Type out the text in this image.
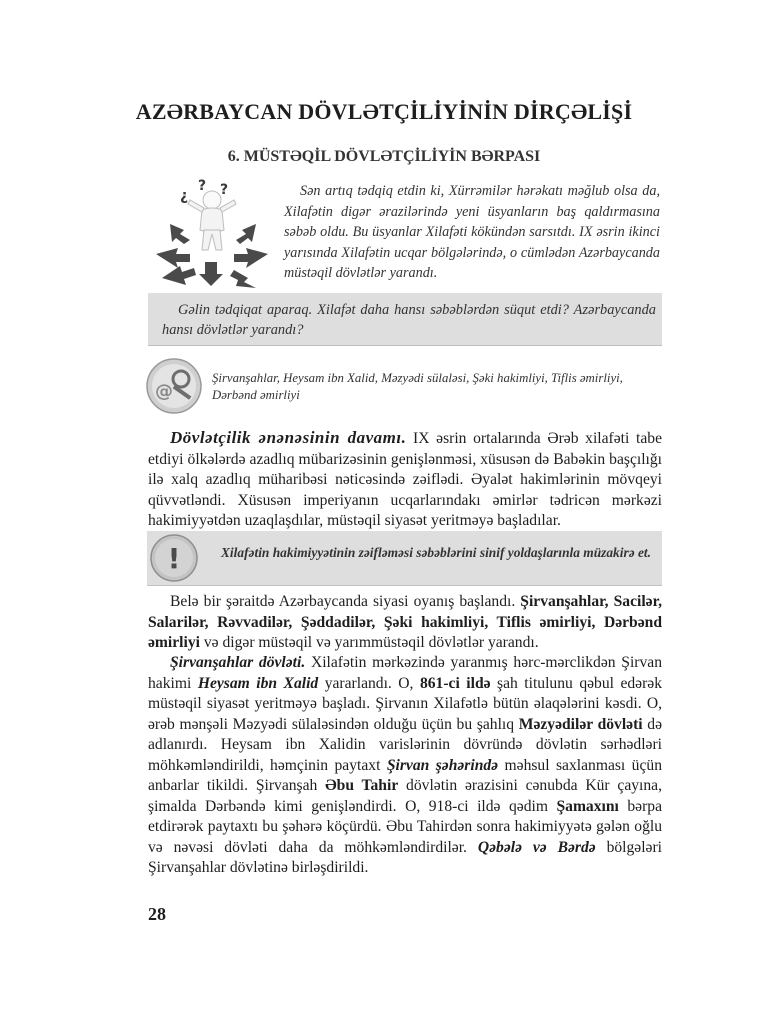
AZƏRBAYCAN DÖVLƏTÇİLİYİNİN DİRÇƏLİŞİ
6. MÜSTƏQİL DÖVLƏTÇİLİYİN BƏRPASI
¿
? ?	Sən artıq tədqiq etdin ki, Xürrəmilər hərəkatı məğlub olsa da, Xilafətin digər ərazilərində yeni üsyanların baş qaldırmasına səbəb oldu. Bu üsyanlar Xilafəti kökündən sarsıtdı. IX əsrin ikinci yarısında Xilafətin ucqar bölgələrində, o cümlədən Azərbaycanda müstəqil dövlətlər yarandı.
Gəlin tədqiqat aparaq. Xilafət daha hansı səbəblərdən süqut etdi? Azərbaycanda hansı dövlətlər yarandı?
@
Şirvanşahlar, Heysam ibn Xalid, Məzyədi sülaləsi, Şəki hakimliyi, Tiflis əmirliyi, Dərbənd əmirliyi
Dövlətçilik ənənəsinin davamı. IX əsrin ortalarında Ərəb xilafəti tabe etdiyi ölkələrdə azadlıq mübarizəsinin genişlənməsi, xüsusən də Babəkin başçılığı ilə xalq azadlıq müharibəsi nəticəsində zəiflədi. Əyalət hakimlərinin mövqeyi qüvvətləndi. Xüsusən imperiyanın ucqarlarındakı əmirlər tədricən mərkəzi hakimiyyətdən uzaqlaşdılar, müstəqil siyasət yeritməyə başladılar.
!	Xilafətin hakimiyyətinin zəifləməsi səbəblərini sinif yoldaşlarınla müzakirə et.
Belə bir şəraitdə Azərbaycanda siyasi oyanış başlandı. Şirvanşahlar, Sacilər, Salarilər, Rəvvadilər, Şəddadilər, Şəki hakimliyi, Tiflis əmirliyi, Dərbənd əmirliyi və digər müstəqil və yarımmüstəqil dövlətlər yarandı.
Şirvanşahlar dövləti. Xilafətin mərkəzində yaranmış hərc-mərclikdən Şirvan hakimi Heysam ibn Xalid yararlandı. O, 861-ci ildə şah titulunu qəbul edərək müstəqil siyasət yeritməyə başladı. Şirvanın Xilafətlə bütün əlaqələrini kəsdi. O, ərəb mənşəli Məzyədi sülaləsindən olduğu üçün bu şahlıq Məzyədilər dövləti də adlanırdı. Heysam ibn Xalidin varislərinin dövründə dövlətin sərhədləri möhkəmləndirildi, həmçinin paytaxt Şirvan şəhərində məhsul saxlanması üçün anbarlar tikildi. Şirvanşah Əbu Tahir dövlətin ərazisini cənubda Kür çayına, şimalda Dərbəndə kimi genişləndirdi. O, 918-ci ildə qədim Şamaxını bərpa etdirərək paytaxtı bu şəhərə köçürdü. Əbu Tahirdən sonra hakimiyyətə gələn oğlu və nəvəsi dövləti daha da möhkəmləndirdilər. Qəbələ və Bərdə bölgələri Şirvanşahlar dövlətinə birləşdirildi.
28
